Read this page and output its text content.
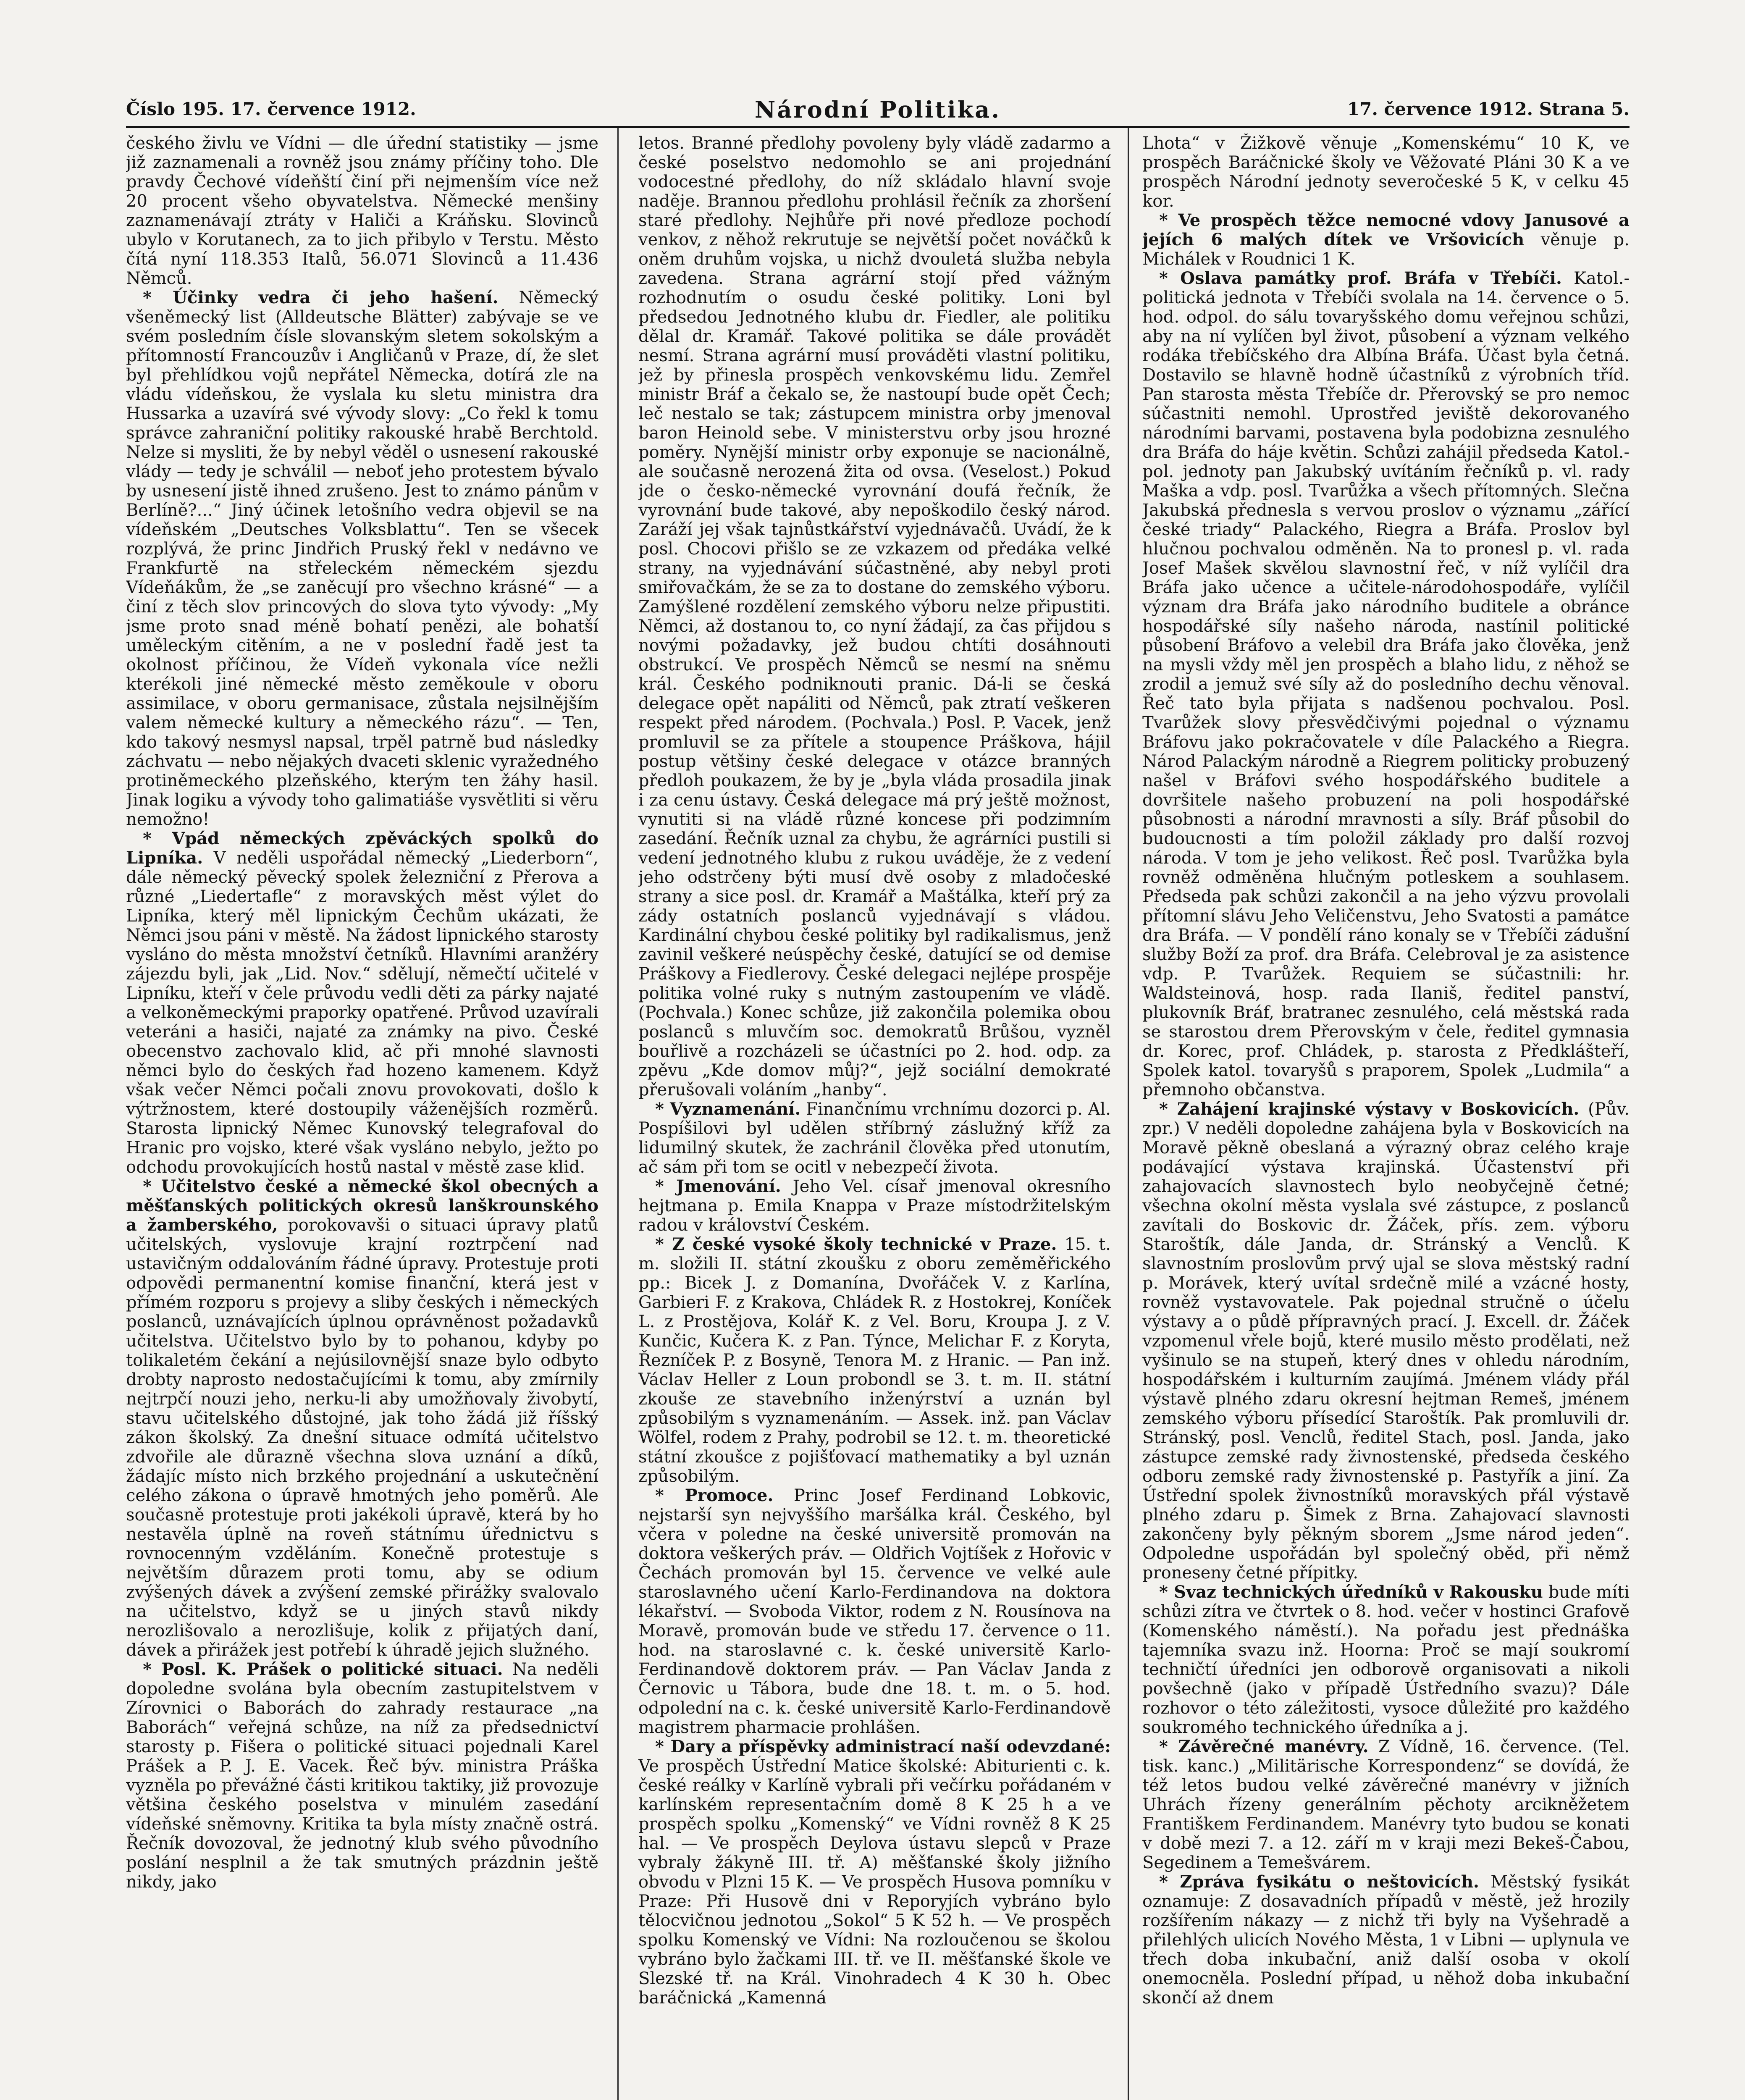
Číslo 195. 17. července 1912.	Národní Politika.	17. července 1912. Strana 5.

českého živlu ve Vídni — dle úřední statistiky — jsme již zaznamenali a rovněž jsou známy příčiny toho. Dle pravdy Čechové vídeňští činí při nejmenším více než 20 procent všeho obyvatelstva. Německé menšiny zaznamenávají ztráty v Haliči a Kráňsku. Slovinců ubylo v Korutanech, za to jich přibylo v Terstu. Město čítá nyní 118.353 Italů, 56.071 Slovinců a 11.436 Němců.

* Účinky vedra či jeho hašení. Německý všeněmecký list (Alldeutsche Blätter) zabývaje se ve svém posledním čísle slovanským sletem sokolským a přítomností Francouzův i Angličanů v Praze, dí, že slet byl přehlídkou vojů nepřátel Německa, dotírá zle na vládu vídeňskou, že vyslala ku sletu ministra dra Hussarka a uzavírá své vývody slovy: „Co řekl k tomu správce zahraniční politiky rakouské hrabě Berchtold. Nelze si mysliti, že by nebyl věděl o usnesení rakouské vlády — tedy je schválil — neboť jeho protestem bývalo by usnesení jistě ihned zrušeno. Jest to známo pánům v Berlíně?...“ Jiný účinek letošního vedra objevil se na vídeňském „Deutsches Volksblattu“. Ten se všecek rozplývá, že princ Jindřich Pruský řekl v nedávno ve Frankfurtě na střeleckém německém sjezdu Vídeňákům, že „se zaněcují pro všechno krásné“ — a činí z těch slov princových do slova tyto vývody: „My jsme proto snad méně bohatí penězi, ale bohatší uměleckým citěním, a ne v poslední řadě jest ta okolnost příčinou, že Vídeň vykonala více nežli kterékoli jiné německé město zeměkoule v oboru assimilace, v oboru germanisace, zůstala nejsilnějším valem německé kultury a německého rázu“. — Ten, kdo takový nesmysl napsal, trpěl patrně bud následky záchvatu — nebo nějakých dvaceti sklenic vyražedného protiněmeckého plzeňského, kterým ten žáhy hasil. Jinak logiku a vývody toho galimatiáše vysvětliti si věru nemožno!

* Vpád německých zpěváckých spolků do Lipníka. V neděli uspořádal německý „Liederborn“, dále německý pěvecký spolek železniční z Přerova a různé „Liedertafle“ z moravských měst výlet do Lipníka, který měl lipnickým Čechům ukázati, že Němci jsou páni v městě. Na žádost lipnického starosty vysláno do města množství četníků. Hlavními aranžéry zájezdu byli, jak „Lid. Nov.“ sdělují, němečtí učitelé v Lipníku, kteří v čele průvodu vedli děti za párky najaté a velkoněmeckými praporky opatřené. Průvod uzavírali veteráni a hasiči, najaté za známky na pivo. České obecenstvo zachovalo klid, ač při mnohé slavnosti němci bylo do českých řad hozeno kamenem. Když však večer Němci počali znovu provokovati, došlo k výtržnostem, které dostoupily váženějších rozměrů. Starosta lipnický Němec Kunovský telegrafoval do Hranic pro vojsko, které však vysláno nebylo, ježto po odchodu provokujících hostů nastal v městě zase klid.

* Učitelstvo české a německé škol obecných a měšťanských politických okresů lanškrounského a žamberského, porokovavši o situaci úpravy platů učitelských, vyslovuje krajní roztrpčení nad ustavičným oddalováním řádné úpravy. Protestuje proti odpovědi permanentní komise finanční, která jest v přímém rozporu s projevy a sliby českých i německých poslanců, uznávajících úplnou oprávněnost požadavků učitelstva. Učitelstvo bylo by to pohanou, kdyby po tolikaletém čekání a nejúsilovnější snaze bylo odbyto drobty naprosto nedostačujícími k tomu, aby zmírnily nejtrpčí nouzi jeho, nerku-li aby umožňovaly živobytí, stavu učitelského důstojné, jak toho žádá již říšský zákon školský. Za dnešní situace odmítá učitelstvo zdvořile ale důrazně všechna slova uznání a díků, žádajíc místo nich brzkého projednání a uskutečnění celého zákona o úpravě hmotných jeho poměrů. Ale současně protestuje proti jakékoli úpravě, která by ho nestavěla úplně na roveň státnímu úřednictvu s rovnocenným vzděláním. Konečně protestuje s největším důrazem proti tomu, aby se odium zvýšených dávek a zvýšení zemské přirážky svalovalo na učitelstvo, když se u jiných stavů nikdy nerozlišovalo a nerozlišuje, kolik z přijatých daní, dávek a přirážek jest potřebí k úhradě jejich služného.

* Posl. K. Prášek o politické situaci. Na neděli dopoledne svolána byla obecním zastupitelstvem v Zírovnici o Baborách do zahrady restaurace „na Baborách“ veřejná schůze, na níž za předsednictví starosty p. Fišera o politické situaci pojednali Karel Prášek a P. J. E. Vacek. Řeč býv. ministra Práška vyzněla po převážné části kritikou taktiky, již provozuje většina českého poselstva v minulém zasedání vídeňské sněmovny. Kritika ta byla místy značně ostrá. Řečník dovozoval, že jednotný klub svého původního poslání nesplnil a že tak smutných prázdnin ještě nikdy, jako

letos. Branné předlohy povoleny byly vládě zadarmo a české poselstvo nedomohlo se ani projednání vodocestné předlohy, do níž skládalo hlavní svoje naděje. Brannou předlohu prohlásil řečník za zhoršení staré předlohy. Nejhůře při nové předloze pochodí venkov, z něhož rekrutuje se největší počet nováčků k oněm druhům vojska, u nichž dvouletá služba nebyla zavedena. Strana agrární stojí před vážným rozhodnutím o osudu české politiky. Loni byl předsedou Jednotného klubu dr. Fiedler, ale politiku dělal dr. Kramář. Takové politika se dále provádět nesmí. Strana agrární musí prováděti vlastní politiku, jež by přinesla prospěch venkovskému lidu. Zemřel ministr Bráf a čekalo se, že nastoupí bude opět Čech; leč nestalo se tak; zástupcem ministra orby jmenoval baron Heinold sebe. V ministerstvu orby jsou hrozné poměry. Nynější ministr orby exponuje se nacionálně, ale současně nerozená žita od ovsa. (Veselost.) Pokud jde o česko-německé vyrovnání doufá řečník, že vyrovnání bude takové, aby nepoškodilo český národ. Zaráží jej však tajnůstkářství vyjednávačů. Uvádí, že k posl. Chocovi přišlo se ze vzkazem od předáka velké strany, na vyjednávání súčastněné, aby nebyl proti smiřovačkám, že se za to dostane do zemského výboru. Zamýšlené rozdělení zemského výboru nelze připustiti. Němci, až dostanou to, co nyní žádají, za čas přijdou s novými požadavky, jež budou chtíti dosáhnouti obstrukcí. Ve prospěch Němců se nesmí na sněmu král. Českého podniknouti pranic. Dá-li se česká delegace opět napáliti od Němců, pak ztratí veškeren respekt před národem. (Pochvala.) Posl. P. Vacek, jenž promluvil se za přítele a stoupence Práškova, hájil postup většiny české delegace v otázce branných předloh poukazem, že by je „byla vláda prosadila jinak i za cenu ústavy. Česká delegace má prý ještě možnost, vynutiti si na vládě různé koncese při podzimním zasedání. Řečník uznal za chybu, že agrárníci pustili si vedení jednotného klubu z rukou uváděje, že z vedení jeho odstrčeny býti musí dvě osoby z mladočeské strany a sice posl. dr. Kramář a Maštálka, kteří prý za zády ostatních poslanců vyjednávají s vládou. Kardinální chybou české politiky byl radikalismus, jenž zavinil veškeré neúspěchy české, datující se od demise Práškovy a Fiedlerovy. České delegaci nejlépe prospěje politika volné ruky s nutným zastoupením ve vládě. (Pochvala.) Konec schůze, již zakončila polemika obou poslanců s mluvčím soc. demokratů Brůšou, vyzněl bouřlivě a rozcházeli se účastníci po 2. hod. odp. za zpěvu „Kde domov můj?“, jejž sociální demokraté přerušovali voláním „hanby“.

* Vyznamenání. Finančnímu vrchnímu dozorci p. Al. Pospíšilovi byl udělen stříbrný záslužný kříž za lidumilný skutek, že zachránil člověka před utonutím, ač sám při tom se ocitl v nebezpečí života.

* Jmenování. Jeho Vel. císař jmenoval okresního hejtmana p. Emila Knappa v Praze místodržitelským radou v království Českém.

* Z české vysoké školy technické v Praze. 15. t. m. složili II. státní zkoušku z oboru zeměměřického pp.: Bicek J. z Domanína, Dvořáček V. z Karlína, Garbieri F. z Krakova, Chládek R. z Hostokrej, Koníček L. z Prostějova, Kolář K. z Vel. Boru, Kroupa J. z V. Kunčic, Kučera K. z Pan. Týnce, Melichar F. z Koryta, Řezníček P. z Bosyně, Tenora M. z Hranic. — Pan inž. Václav Heller z Loun probondl se 3. t. m. II. státní zkouše ze stavebního inženýrství a uznán byl způsobilým s vyznamenáním. — Assek. inž. pan Václav Wölfel, rodem z Prahy, podrobil se 12. t. m. theoretické státní zkoušce z pojišťovací mathematiky a byl uznán způsobilým.

* Promoce. Princ Josef Ferdinand Lobkovic, nejstarší syn nejvyššího maršálka král. Českého, byl včera v poledne na české universitě promován na doktora veškerých práv. — Oldřich Vojtíšek z Hořovic v Čechách promován byl 15. července ve velké aule staroslavného učení Karlo-Ferdinandova na doktora lékařství. — Svoboda Viktor, rodem z N. Rousínova na Moravě, promován bude ve středu 17. července o 11. hod. na staroslavné c. k. české universitě Karlo-Ferdinandově doktorem práv. — Pan Václav Janda z Černovic u Tábora, bude dne 18. t. m. o 5. hod. odpolední na c. k. české universitě Karlo-Ferdinandově magistrem pharmacie prohlášen.

* Dary a příspěvky administrací naší odevzdané: Ve prospěch Ústřední Matice školské: Abiturienti c. k. české reálky v Karlíně vybrali při večírku pořádaném v karlínském representačním domě 8 K 25 h a ve prospěch spolku „Komenský“ ve Vídni rovněž 8 K 25 hal. — Ve prospěch Deylova ústavu slepců v Praze vybraly žákyně III. tř. A) měšťanské školy jižního obvodu v Plzni 15 K. — Ve prospěch Husova pomníku v Praze: Při Husově dni v Reporyjích vybráno bylo tělocvičnou jednotou „Sokol“ 5 K 52 h. — Ve prospěch spolku Komenský ve Vídni: Na rozloučenou se školou vybráno bylo žačkami III. tř. ve II. měšťanské škole ve Slezské tř. na Král. Vinohradech 4 K 30 h. Obec baráčnická „Kamenná

Lhota“ v Žižkově věnuje „Komenskému“ 10 K, ve prospěch Baráčnické školy ve Věžovaté Pláni 30 K a ve prospěch Národní jednoty severočeské 5 K, v celku 45 kor.

* Ve prospěch těžce nemocné vdovy Janusové a jejích 6 malých dítek ve Vršovicích věnuje p. Michálek v Roudnici 1 K.

* Oslava památky prof. Bráfa v Třebíči. Katol.-politická jednota v Třebíči svolala na 14. července o 5. hod. odpol. do sálu tovaryšského domu veřejnou schůzi, aby na ní vylíčen byl život, působení a význam velkého rodáka třebíčského dra Albína Bráfa. Účast byla četná. Dostavilo se hlavně hodně účastníků z výrobních tříd. Pan starosta města Třebíče dr. Přerovský se pro nemoc súčastniti nemohl. Uprostřed jeviště dekorovaného národními barvami, postavena byla podobizna zesnulého dra Bráfa do háje květin. Schůzi zahájil předseda Katol.-pol. jednoty pan Jakubský uvítáním řečníků p. vl. rady Maška a vdp. posl. Tvarůžka a všech přítomných. Slečna Jakubská přednesla s vervou proslov o významu „zářící české triady“ Palackého, Riegra a Bráfa. Proslov byl hlučnou pochvalou odměněn. Na to pronesl p. vl. rada Josef Mašek skvělou slavnostní řeč, v níž vylíčil dra Bráfa jako učence a učitele-národohospodáře, vylíčil význam dra Bráfa jako národního buditele a obránce hospodářské síly našeho národa, nastínil politické působení Bráfovo a velebil dra Bráfa jako člověka, jenž na mysli vždy měl jen prospěch a blaho lidu, z něhož se zrodil a jemuž své síly až do posledního dechu věnoval. Řeč tato byla přijata s nadšenou pochvalou. Posl. Tvarůžek slovy přesvědčivými pojednal o významu Bráfovu jako pokračovatele v díle Palackého a Riegra. Národ Palackým národně a Riegrem politicky probuzený našel v Bráfovi svého hospodářského buditele a dovršitele našeho probuzení na poli hospodářské působnosti a národní mravnosti a síly. Bráf působil do budoucnosti a tím položil základy pro další rozvoj národa. V tom je jeho velikost. Řeč posl. Tvarůžka byla rovněž odměněna hlučným potleskem a souhlasem. Předseda pak schůzi zakončil a na jeho výzvu provolali přítomní slávu Jeho Veličenstvu, Jeho Svatosti a památce dra Bráfa. — V pondělí ráno konaly se v Třebíči zádušní služby Boží za prof. dra Bráfa. Celebroval je za asistence vdp. P. Tvarůžek. Requiem se súčastnili: hr. Waldsteinová, hosp. rada Ilaniš, ředitel panství, plukovník Bráf, bratranec zesnulého, celá městská rada se starostou drem Přerovským v čele, ředitel gymnasia dr. Korec, prof. Chládek, p. starosta z Předklášteří, Spolek katol. tovaryšů s praporem, Spolek „Ludmila“ a přemnoho občanstva.

* Zahájení krajinské výstavy v Boskovicích. (Pův. zpr.) V neděli dopoledne zahájena byla v Boskovicích na Moravě pěkně obeslaná a výrazný obraz celého kraje podávající výstava krajinská. Účastenství při zahajovacích slavnostech bylo neobyčejně četné; všechna okolní města vyslala své zástupce, z poslanců zavítali do Boskovic dr. Žáček, přís. zem. výboru Staroštík, dále Janda, dr. Stránský a Venclů. K slavnostním proslovům prvý ujal se slova městský radní p. Morávek, který uvítal srdečně milé a vzácné hosty, rovněž vystavovatele. Pak pojednal stručně o účelu výstavy a o půdě přípravných prací. J. Excell. dr. Žáček vzpomenul vřele bojů, které musilo město prodělati, než vyšinulo se na stupeň, který dnes v ohledu národním, hospodářském i kulturním zaujímá. Jménem vlády přál výstavě plného zdaru okresní hejtman Remeš, jménem zemského výboru přísedící Staroštík. Pak promluvili dr. Stránský, posl. Venclů, ředitel Stach, posl. Janda, jako zástupce zemské rady živnostenské, předseda českého odboru zemské rady živnostenské p. Pastyřík a jiní. Za Ústřední spolek živnostníků moravských přál výstavě plného zdaru p. Šimek z Brna. Zahajovací slavnosti zakončeny byly pěkným sborem „Jsme národ jeden“. Odpoledne uspořádán byl společný oběd, při němž proneseny četné přípitky.

* Svaz technických úředníků v Rakousku bude míti schůzi zítra ve čtvrtek o 8. hod. večer v hostinci Grafově (Komenského náměstí.). Na pořadu jest přednáška tajemníka svazu inž. Hoorna: Proč se mají soukromí techničtí úředníci jen odborově organisovati a nikoli povšechně (jako v případě Ústředního svazu)? Dále rozhovor o této záležitosti, vysoce důležité pro každého soukromého technického úředníka a j.

* Závěrečné manévry. Z Vídně, 16. července. (Tel. tisk. kanc.) „Militärische Korrespondenz“ se dovídá, že též letos budou velké závěrečné manévry v jižních Uhrách řízeny generálním pěchoty arcikněžetem Františkem Ferdinandem. Manévry tyto budou se konati v době mezi 7. a 12. září m v kraji mezi Bekeš-Čabou, Segedinem a Temešvárem.

* Zpráva fysikátu o neštovicích. Městský fysikát oznamuje: Z dosavadních případů v městě, jež hrozily rozšířením nákazy — z nichž tři byly na Vyšehradě a přilehlých ulicích Nového Města, 1 v Libni — uplynula ve třech doba inkubační, aniž další osoba v okolí onemocněla. Poslední případ, u něhož doba inkubační skončí až dnem
